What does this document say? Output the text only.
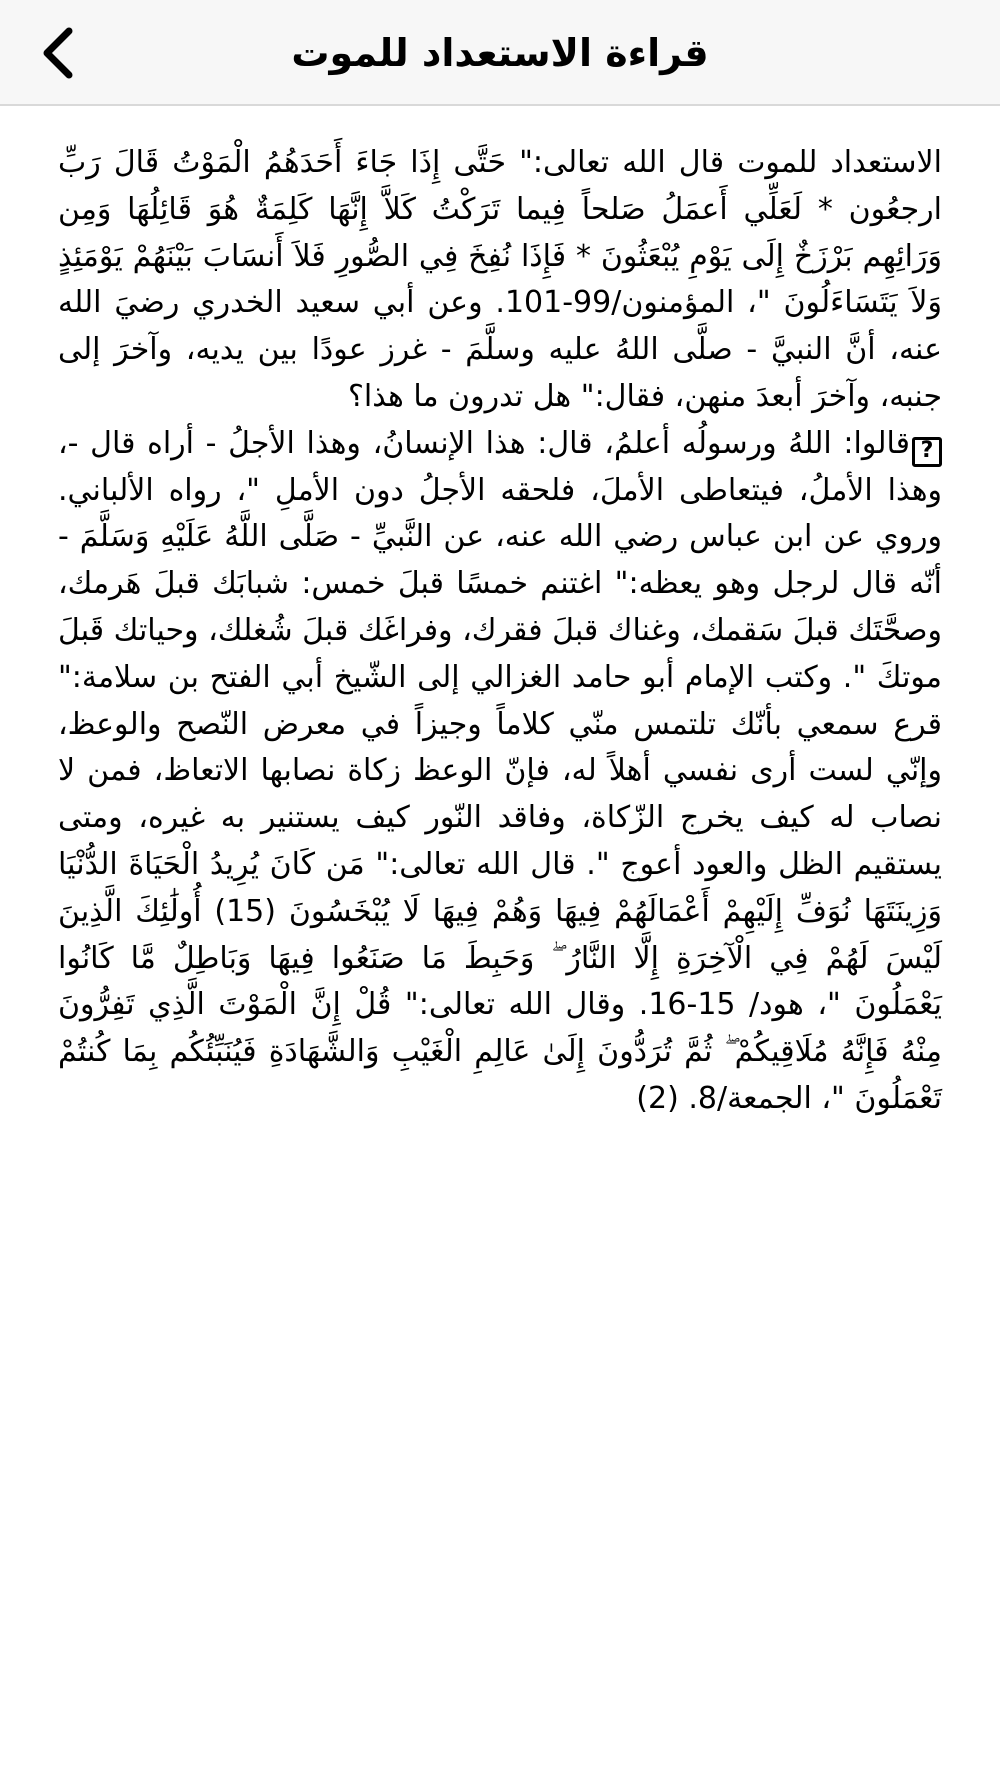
قراءة الاستعداد للموت

الاستعداد للموت قال الله تعالى:" حَتَّى إِذَا جَاءَ أَحَدَهُمُ الْمَوْتُ قَالَ رَبِّ ارجعُون * لَعَلِّي أَعمَلُ صَلحاً فِيما تَرَكْتُ كَلاَّ إِنَّهَا كَلِمَةٌ هُوَ قَائِلُهَا وَمِن وَرَائِهِم بَرْزَخٌ إِلَى يَوْمِ يُبْعَثُونَ * فَإِذَا نُفِخَ فِي الصُّورِ فَلاَ أَنسَابَ بَيْنَهُمْ يَوْمَئِذٍ وَلاَ يَتَسَاءَلُونَ "، المؤمنون/99-101. وعن أبي سعيد الخدري رضيَ الله عنه، أنَّ النبيَّ - صلَّى اللهُ عليه وسلَّمَ - غرز عودًا بين يديه، وآخرَ إلى جنبه، وآخرَ أبعدَ منهن، فقال:" هل تدرون ما هذا؟

?قالوا: اللهُ ورسولُه أعلمُ، قال: هذا الإنسانُ، وهذا الأجلُ - أراه قال -، وهذا الأملُ، فيتعاطى الأملَ، فلحقه الأجلُ دون الأملِ "، رواه الألباني. وروي عن ابن عباس رضي الله عنه، عن النَّبيِّ - صَلَّى اللَّهُ عَلَيْهِ وَسَلَّمَ - أنّه قال لرجل وهو يعظه:" اغتنم خمسًا قبلَ خمس: شبابَك قبلَ هَرمك، وصحَّتَك قبلَ سَقمك، وغناك قبلَ فقرك، وفراغَك قبلَ شُغلك، وحياتك قَبلَ موتكَ ". وكتب الإمام أبو حامد الغزالي إلى الشّيخ أبي الفتح بن سلامة:" قرع سمعي بأنّك تلتمس منّي كلاماً وجيزاً في معرض النّصح والوعظ، وإنّي لست أرى نفسي أهلاً له، فإنّ الوعظ زكاة نصابها الاتعاظ، فمن لا نصاب له كيف يخرج الزّكاة، وفاقد النّور كيف يستنير به غيره، ومتى يستقيم الظل والعود أعوج ". قال الله تعالى:" مَن كَانَ يُرِيدُ الْحَيَاةَ الدُّنْيَا وَزِينَتَهَا نُوَفِّ إِلَيْهِمْ أَعْمَالَهُمْ فِيهَا وَهُمْ فِيهَا لَا يُبْخَسُونَ (15) أُولَٰئِكَ الَّذِينَ لَيْسَ لَهُمْ فِي الْآخِرَةِ إِلَّا النَّارُ ۖ وَحَبِطَ مَا صَنَعُوا فِيهَا وَبَاطِلٌ مَّا كَانُوا يَعْمَلُونَ "، هود/ 15-16. وقال الله تعالى:" قُلْ إِنَّ الْمَوْتَ الَّذِي تَفِرُّونَ مِنْهُ فَإِنَّهُ مُلَاقِيكُمْ ۖ ثُمَّ تُرَدُّونَ إِلَىٰ عَالِمِ الْغَيْبِ وَالشَّهَادَةِ فَيُنَبِّئُكُم بِمَا كُنتُمْ تَعْمَلُونَ "، الجمعة/8. (2)
